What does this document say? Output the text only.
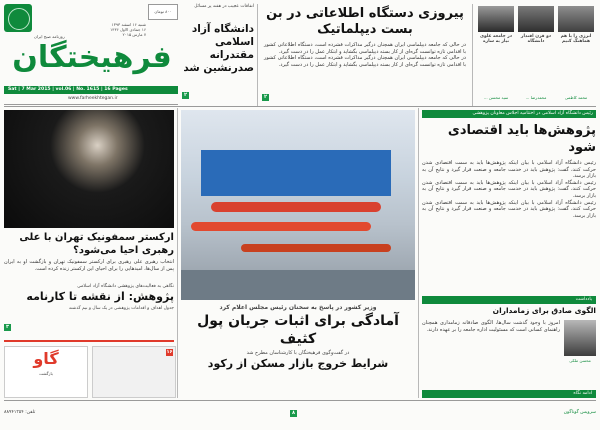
۸۰۰ تومان
شنبه ۱۶ اسفند ۱۳۹۳
۱۶ جمادی الاول ۱۴۳۶
۷ مارس ۲۰۱۵
فرهیختگان
روزنامه صبح ایران
Sat | 7 Mar 2015 | vol.06 | No. 1615 | 16 Pages
www.farheekhtegan.ir
اتفاقات عجیب در هفته پر مسائل
دانشگاه آزاد اسلامی مقتدرانه صدرنشین شد
۲
پیروزی دستگاه اطلاعاتی در بن بست دیپلماتیک
در حالی که جامعه دیپلماسی ایران همچنان درگیر مذاکرات فشرده است، دستگاه اطلاعاتی کشور با اقدامی تازه توانست گره‌ای از کار بسته دیپلماسی بگشاید و ابتکار عمل را در دست گیرد.
در حالی که جامعه دیپلماسی ایران همچنان درگیر مذاکرات فشرده است، دستگاه اطلاعاتی کشور با اقدامی تازه توانست گره‌ای از کار بسته دیپلماسی بگشاید و ابتکار عمل را در دست گیرد.
۲
انرژی را با هم هماهنگ کنیم
محمد کاظمی
دو قرن اقتدار دانشگاه
محمدرضا ...
در جامعه علوی نیاز به سازه
سید محسن ...
ارکستر سمفونیک تهران با علی رهبری احیا می‌شود؟
انتخاب رهبری علی رهبری برای ارکستر سمفونیک تهران و بازگشت او به ایران پس از سال‌ها، امیدهایی را برای احیای این ارکستر زنده کرده است.
نگاهی به فعالیت‌های پژوهشی دانشگاه آزاد اسلامی
پژوهش: از نقشه تا کارنامه
جدول اهداف و اقدامات پژوهشی در یک سال و نیم گذشته
۳
گاو
بازگشت
۱۶
وزیر کشور در پاسخ به سخنان رئیس مجلس اعلام کرد
آمادگی برای اثبات جریان پول کثیف
در گفت‌وگوی فرهیختگان با کارشناسان مطرح شد
شرایط خروج بازار مسکن از رکود
رئیس دانشگاه آزاد اسلامی در اختتامیه اجلاس معاونان پژوهشی
پژوهش‌ها باید اقتصادی شود
رئیس دانشگاه آزاد اسلامی با بیان اینکه پژوهش‌ها باید به سمت اقتصادی شدن حرکت کنند، گفت: پژوهش باید در خدمت جامعه و صنعت قرار گیرد و نتایج آن به بازار برسد.
رئیس دانشگاه آزاد اسلامی با بیان اینکه پژوهش‌ها باید به سمت اقتصادی شدن حرکت کنند، گفت: پژوهش باید در خدمت جامعه و صنعت قرار گیرد و نتایج آن به بازار برسد.
رئیس دانشگاه آزاد اسلامی با بیان اینکه پژوهش‌ها باید به سمت اقتصادی شدن حرکت کنند، گفت: پژوهش باید در خدمت جامعه و صنعت قرار گیرد و نتایج آن به بازار برسد.
یادداشت
الگوی صادق برای زمامداران
محسن ملکی
امروز با وجود گذشت سال‌ها، الگوی صادقانه زمامداری همچنان راهنمای کسانی است که مسئولیت اداره جامعه را بر عهده دارند.
ادامه نگاه
تلفن: ۸۸۹۴۱۲۵۴	سرویس گوناگون
۸
